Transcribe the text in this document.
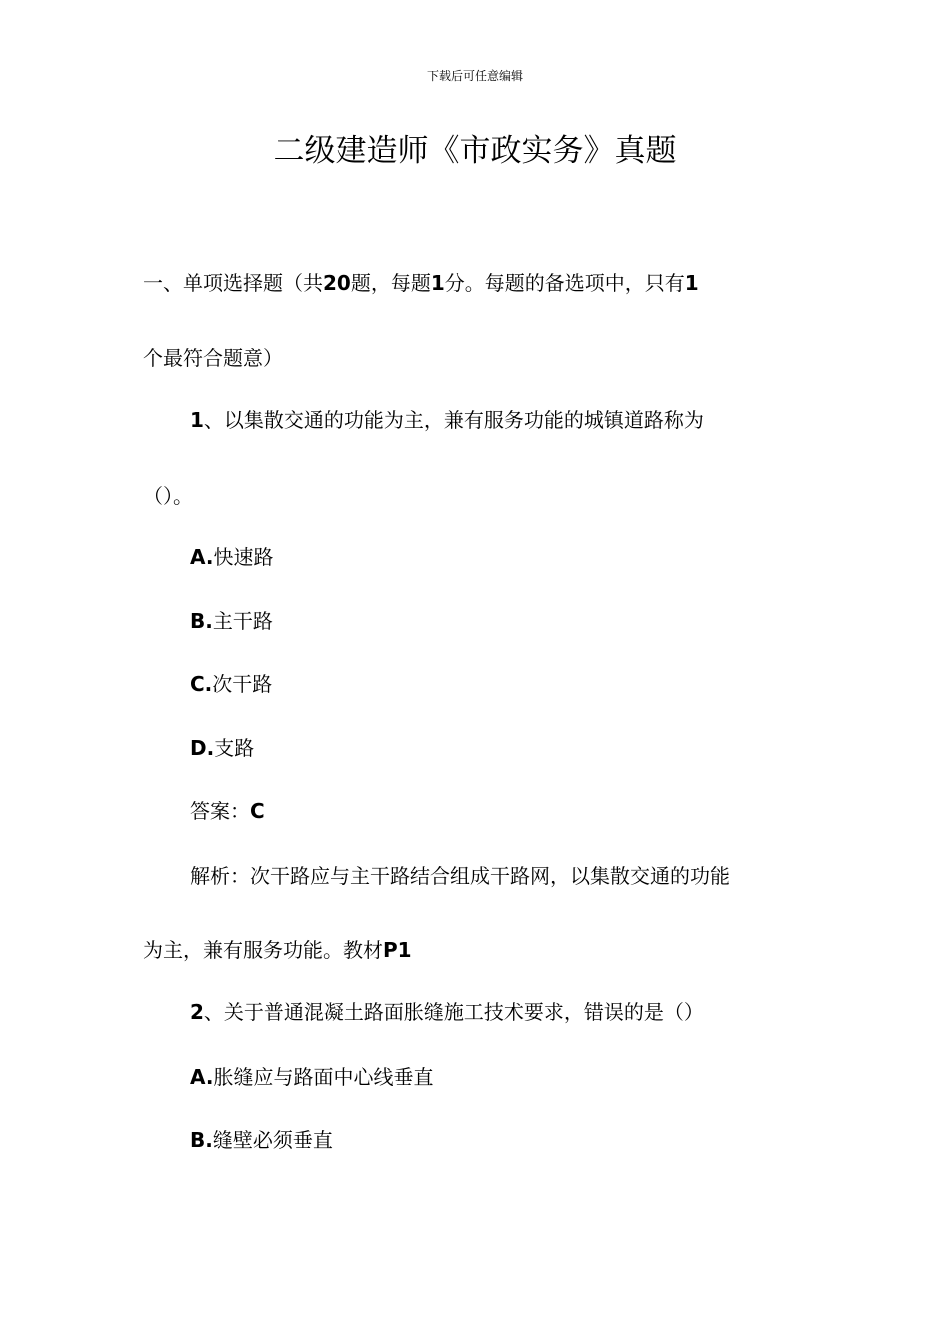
下载后可任意编辑
二级建造师《市政实务》真题
一、单项选择题（共20题，每题1分。每题的备选项中，只有1
个最符合题意）
1、以集散交通的功能为主，兼有服务功能的城镇道路称为
（）。
A.快速路
B.主干路
C.次干路
D.支路
答案：C
解析：次干路应与主干路结合组成干路网，以集散交通的功能
为主，兼有服务功能。教材P1
2、关于普通混凝土路面胀缝施工技术要求，错误的是（）
A.胀缝应与路面中心线垂直
B.缝壁必须垂直
